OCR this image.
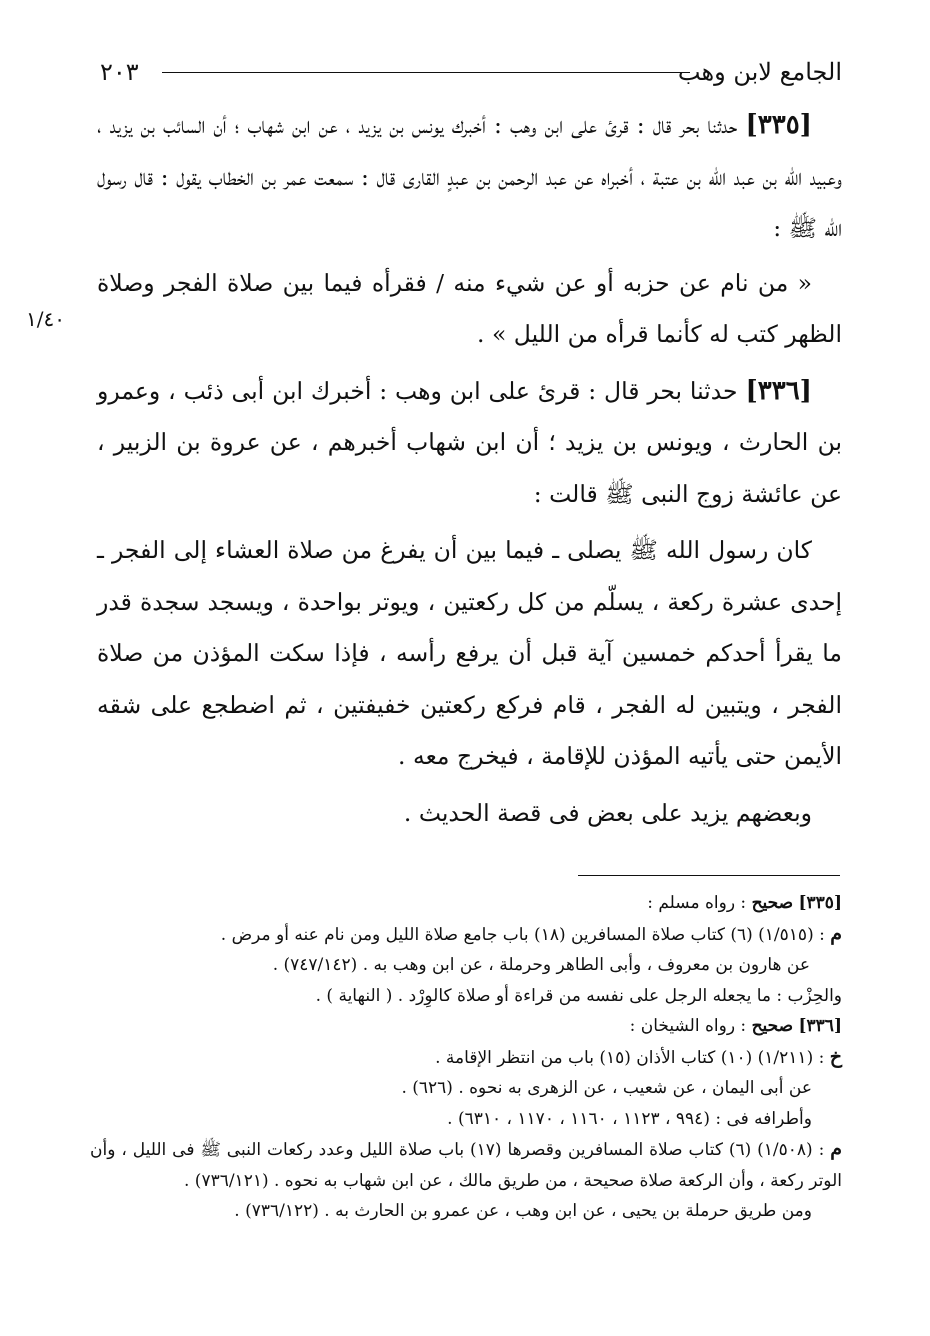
الجامع لابن وهب
٢٠٣
١/٤٠

[٣٣٥] حدثنا بحر قال : قرئ على ابن وهب : أخبرك يونس بن يزيد ، عن ابن شهاب ؛ أن السائب بن يزيد ، وعبيد الله بن عبد الله بن عتبة ، أخبراه عن عبد الرحمن بن عبدٍ القارى قال : سمعت عمر بن الخطاب يقول : قال رسول الله ﷺ :

« من نام عن حزبه أو عن شيء منه / فقرأه فيما بين صلاة الفجر وصلاة الظهر كتب له كأنما قرأه من الليل » .

[٣٣٦] حدثنا بحر قال : قرئ على ابن وهب : أخبرك ابن أبى ذئب ، وعمرو بن الحارث ، ويونس بن يزيد ؛ أن ابن شهاب أخبرهم ، عن عروة بن الزبير ، عن عائشة زوج النبى ﷺ قالت :

كان رسول الله ﷺ يصلى ـ فيما بين أن يفرغ من صلاة العشاء إلى الفجر ـ إحدى عشرة ركعة ، يسلّم من كل ركعتين ، ويوتر بواحدة ، ويسجد سجدة قدر ما يقرأ أحدكم خمسين آية قبل أن يرفع رأسه ، فإذا سكت المؤذن من صلاة الفجر ، ويتبين له الفجر ، قام فركع ركعتين خفيفتين ، ثم اضطجع على شقه الأيمن حتى يأتيه المؤذن للإقامة ، فيخرج معه .

وبعضهم يزيد على بعض فى قصة الحديث .

[٣٣٥] صحيح : رواه مسلم :

م : (١/٥١٥) (٦) كتاب صلاة المسافرين (١٨) باب جامع صلاة الليل ومن نام عنه أو مرض .

عن هارون بن معروف ، وأبى الطاهر وحرملة ، عن ابن وهب به . (٧٤٧/١٤٢) .

والحِزْب : ما يجعله الرجل على نفسه من قراءة أو صلاة كالوِرْد . ( النهاية ) .

[٣٣٦] صحيح : رواه الشيخان :

خ : (١/٢١١) (١٠) كتاب الأذان (١٥) باب من انتظر الإقامة .

عن أبى اليمان ، عن شعيب ، عن الزهرى به نحوه . (٦٢٦) .

وأطرافه فى : (٩٩٤ ، ١١٢٣ ، ١١٦٠ ، ١١٧٠ ، ٦٣١٠) .

م : (١/٥٠٨) (٦) كتاب صلاة المسافرين وقصرها (١٧) باب صلاة الليل وعدد ركعات النبى ﷺ فى الليل ، وأن الوتر ركعة ، وأن الركعة صلاة صحيحة ، من طريق مالك ، عن ابن شهاب به نحوه . (٧٣٦/١٢١) .

ومن طريق حرملة بن يحيى ، عن ابن وهب ، عن عمرو بن الحارث به . (٧٣٦/١٢٢) .
